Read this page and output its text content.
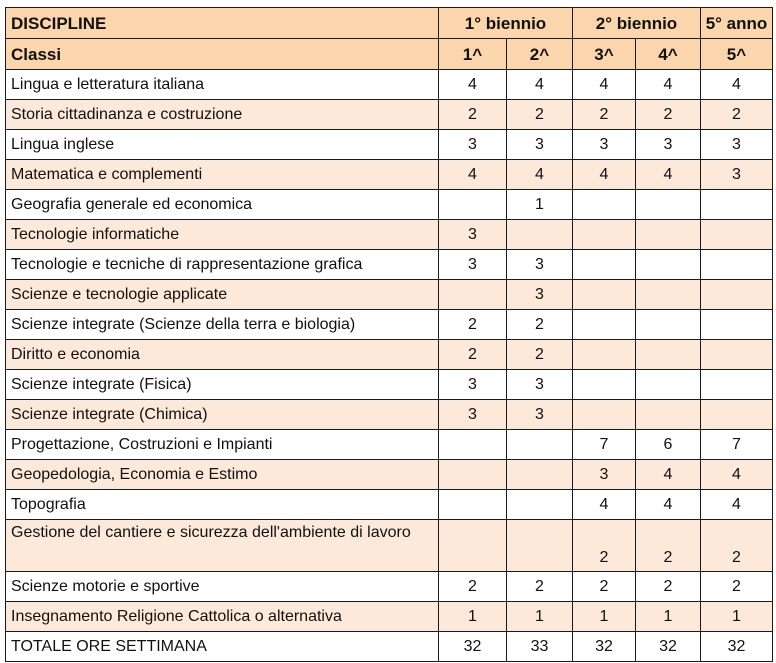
DISCIPLINE	1° biennio		2° biennio		5° anno
Classi	1^	2^	3^	4^	5^
Lingua e letteratura italiana	4	4	4	4	4
Storia cittadinanza e costruzione	2	2	2	2	2
Lingua inglese	3	3	3	3	3
Matematica e complementi	4	4	4	4	3
Geografia generale ed economica		1			
Tecnologie informatiche	3				
Tecnologie e tecniche di rappresentazione grafica	3	3			
Scienze e tecnologie applicate		3			
Scienze integrate (Scienze della terra e biologia)	2	2			
Diritto e economia	2	2			
Scienze integrate (Fisica)	3	3			
Scienze integrate (Chimica)	3	3			
Progettazione, Costruzioni e Impianti			7	6	7
Geopedologia, Economia e Estimo			3	4	4
Topografia			4	4	4
Gestione del cantiere e sicurezza dell'ambiente di lavoro			2	2	2
Scienze motorie e sportive	2	2	2	2	2
Insegnamento Religione Cattolica o alternativa	1	1	1	1	1
TOTALE ORE SETTIMANA	32	33	32	32	32
